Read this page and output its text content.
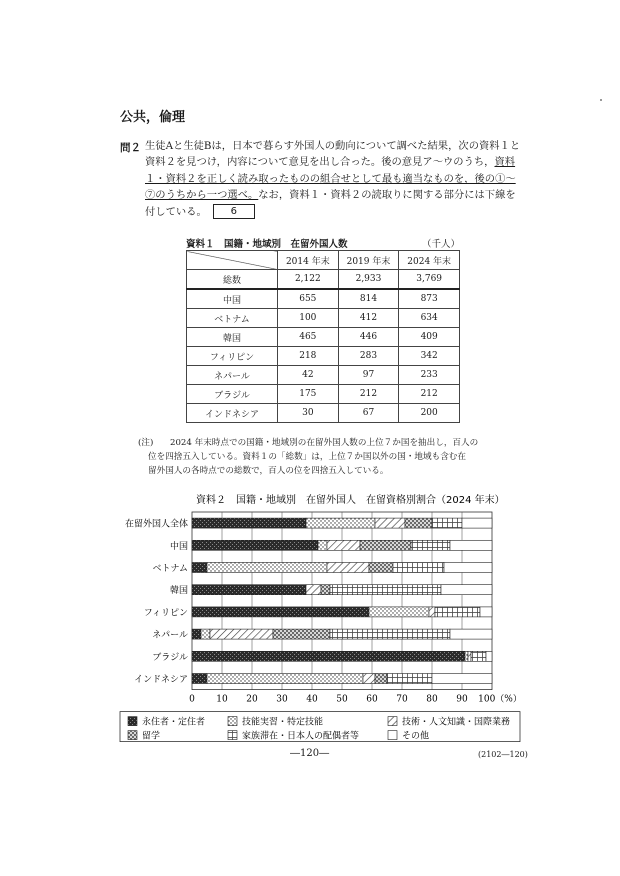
公共，倫理
問２ 生徒Aと生徒Bは，日本で暮らす外国人の動向について調べた結果，次の資料１と資料２を見つけ，内容について意見を出し合った。後の意見ア～ウのうち，資料１・資料２を正しく読み取ったものの組合せとして最も適当なものを，後の①～⑦のうちから一つ選べ。なお，資料１・資料２の読取りに関する部分には下線を付している。 6
資料１　国籍・地域別　在留外国人数	（千人）
	2014 年末	2019 年末	2024 年末
総数	2,122	2,933	3,769
中国	655	814	873
ベトナム	100	412	634
韓国	465	446	409
フィリピン	218	283	342
ネパール	42	97	233
ブラジル	175	212	212
インドネシア	30	67	200
(注)	2024 年末時点での国籍・地域別の在留外国人数の上位７か国を抽出し，百人の
位を四捨五入している。資料１の「総数」は，上位７か国以外の国・地域も含む在
留外国人の各時点での総数で，百人の位を四捨五入している。
資料２　国籍・地域別　在留外国人　在留資格別割合（2024 年末）
在留外国人全体
中国
ベトナム
韓国
フィリピン
ネパール
ブラジル
インドネシア
0 10 20 30 40 50 60 70 80 90 100（%）
永住者・定住者	技能実習・特定技能	技術・人文知識・国際業務
留学	家族滞在・日本人の配偶者等	その他
―120―	(2102―120)
